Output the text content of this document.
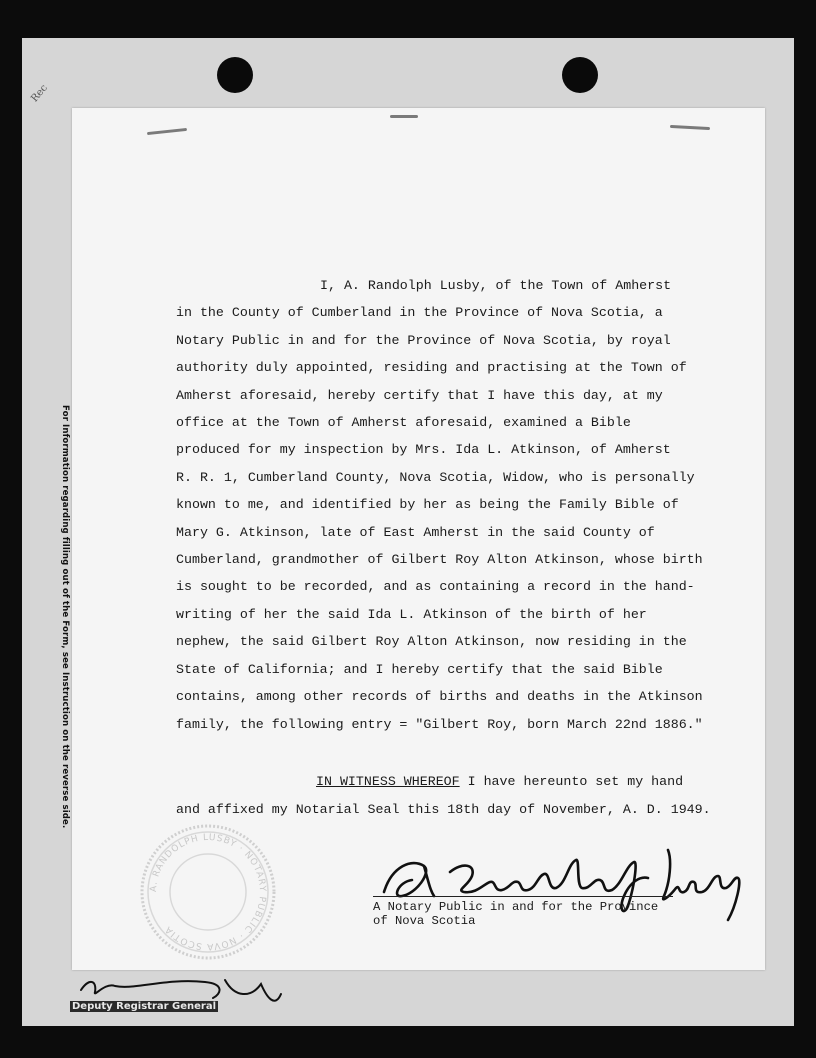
Rec
For Information regarding filling out of the Form, see Instruction on the reverse side.

I, A. Randolph Lusby, of the Town of Amherst

in the County of Cumberland in the Province of Nova Scotia, a

Notary Public in and for the Province of Nova Scotia, by royal

authority duly appointed, residing and practising at the Town of

Amherst aforesaid, hereby certify that I have this day, at my

office at the Town of Amherst aforesaid, examined a Bible

produced for my inspection by Mrs. Ida L. Atkinson, of Amherst

R. R. 1, Cumberland County, Nova Scotia, Widow, who is personally

known to me, and identified by her as being the Family Bible of

Mary G. Atkinson, late of East Amherst in the said County of

Cumberland, grandmother of Gilbert Roy Alton Atkinson, whose birth

is sought to be recorded, and as containing a record in the hand-

writing of her the said Ida L. Atkinson of the birth of her

nephew, the said Gilbert Roy Alton Atkinson, now residing in the

State of California; and I hereby certify that the said Bible

contains, among other records of births and deaths in the Atkinson

family, the following entry = "Gilbert Roy, born March 22nd 1886."

IN WITNESS WHEREOF I have hereunto set my hand
and affixed my Notarial Seal this 18th day of November, A. D. 1949.
A. RANDOLPH LUSBY · NOTARY PUBLIC · NOVA SCOTIA
A Notary Public in and for the Province
of Nova Scotia
Deputy Registrar General
